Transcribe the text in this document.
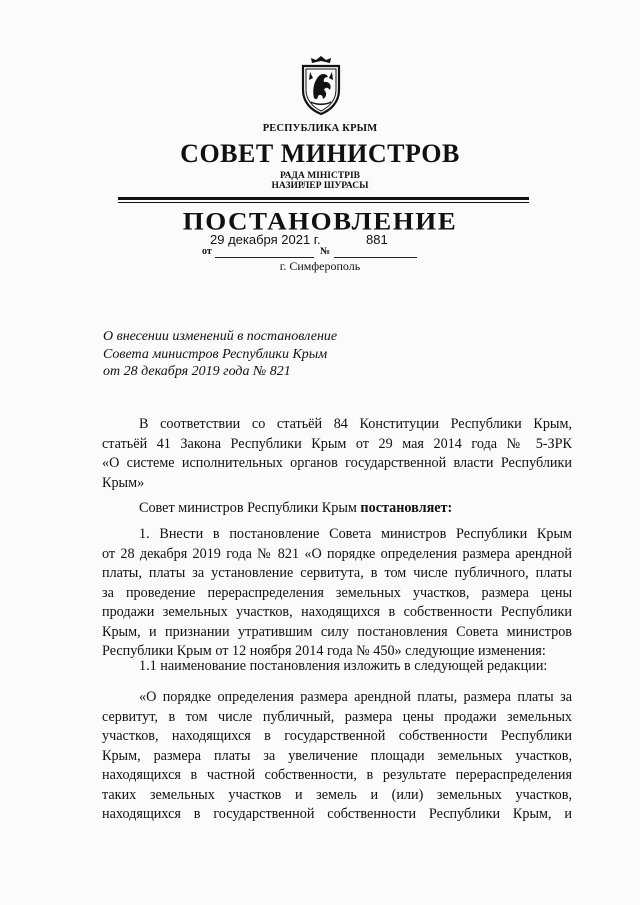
РЕСПУБЛИКА КРЫМ
СОВЕТ МИНИСТРОВ
РАДА МІНІСТРІВ
НАЗИРЛЕР ШУРАСЫ
ПОСТАНОВЛЕНИЕ
29 декабря 2021 г.	881
от	№
г. Симферополь
О внесении изменений в постановление
Совета министров Республики Крым
от 28 декабря 2019 года № 821
В соответствии со статьёй 84 Конституции Республики Крым,
статьёй 41 Закона Республики Крым от 29 мая 2014 года № 5-ЗРК
«О системе исполнительных органов государственной власти Республики
Крым»
Совет министров Республики Крым постановляет:
1. Внести в постановление Совета министров Республики Крым
от 28 декабря 2019 года № 821 «О порядке определения размера арендной
платы, платы за установление сервитута, в том числе публичного, платы
за проведение перераспределения земельных участков, размера цены
продажи земельных участков, находящихся в собственности Республики
Крым, и признании утратившим силу постановления Совета министров
Республики Крым от 12 ноября 2014 года № 450» следующие изменения:
1.1 наименование постановления изложить в следующей редакции:
«О порядке определения размера арендной платы, размера платы за
сервитут, в том числе публичный, размера цены продажи земельных
участков, находящихся в государственной собственности Республики
Крым, размера платы за увеличение площади земельных участков,
находящихся в частной собственности, в результате перераспределения
таких земельных участков и земель и (или) земельных участков,
находящихся в государственной собственности Республики Крым, и
